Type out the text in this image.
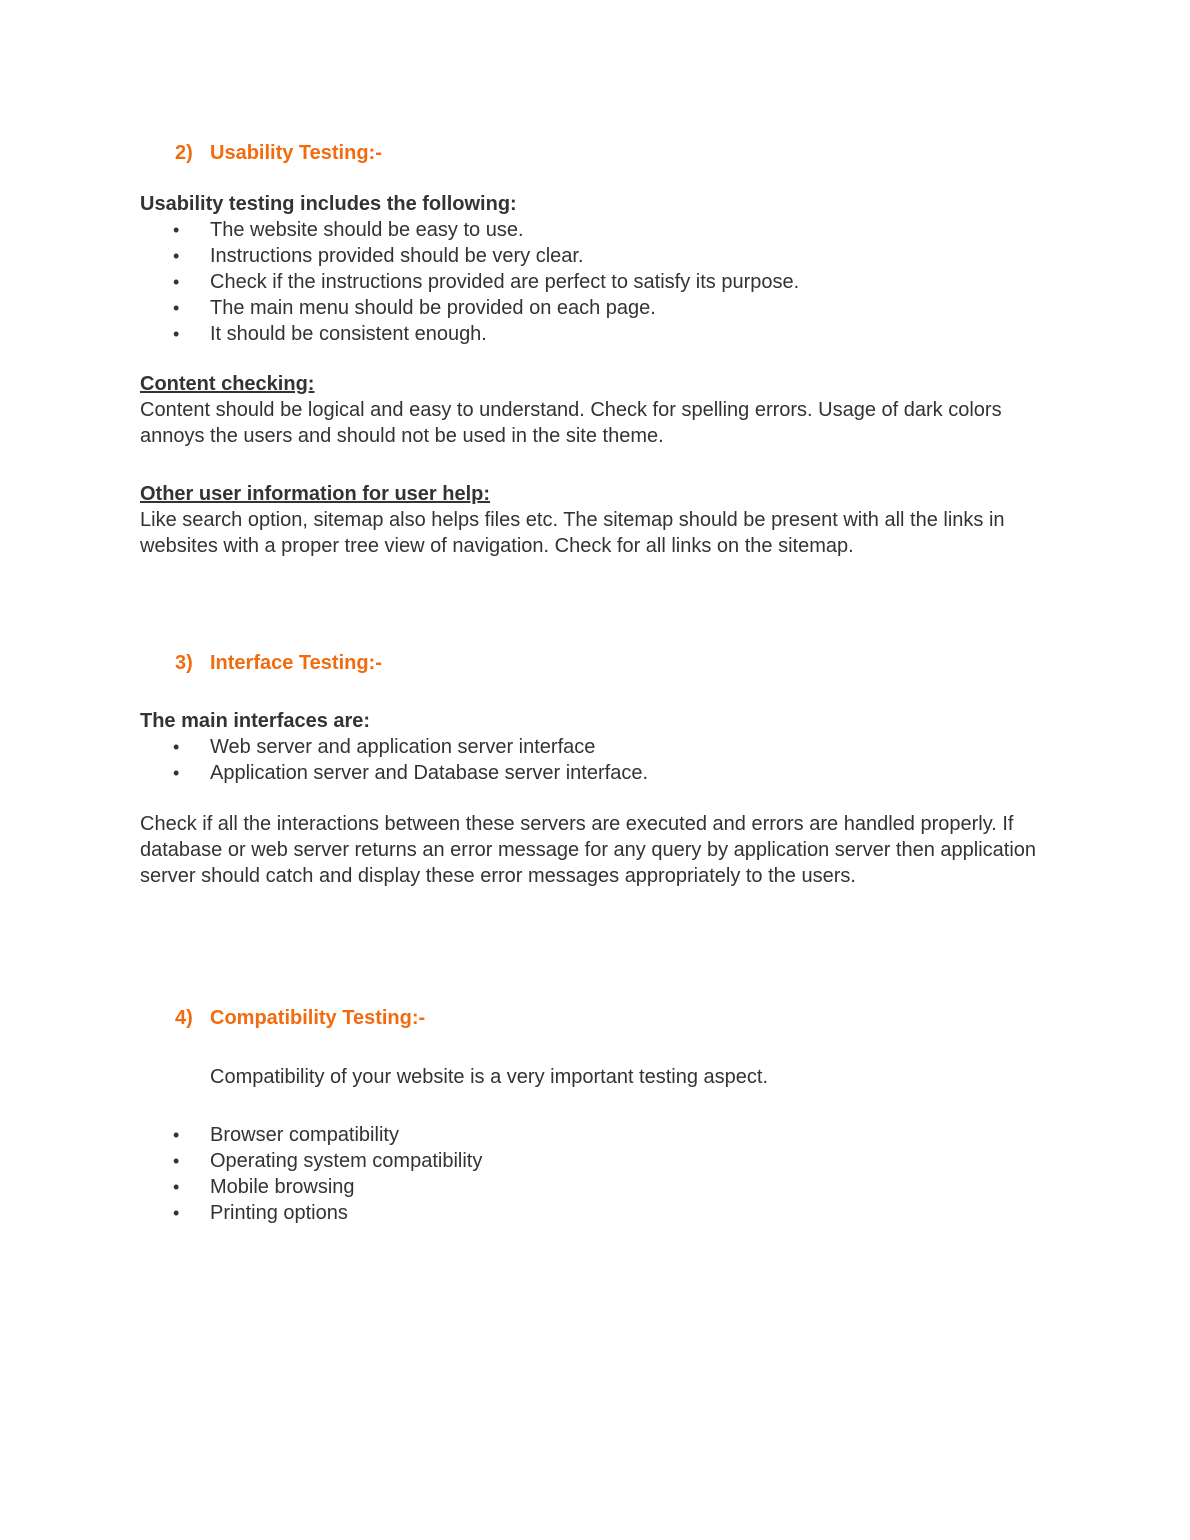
2) Usability Testing:-

Usability testing includes the following:

• The website should be easy to use.
• Instructions provided should be very clear.
• Check if the instructions provided are perfect to satisfy its purpose.
• The main menu should be provided on each page.
• It should be consistent enough.

Content checking:

Content should be logical and easy to understand. Check for spelling errors. Usage of dark colors annoys the users and should not be used in the site theme.

Other user information for user help:

Like search option, sitemap also helps files etc. The sitemap should be present with all the links in websites with a proper tree view of navigation. Check for all links on the sitemap.

3) Interface Testing:-

The main interfaces are:

• Web server and application server interface
• Application server and Database server interface.

Check if all the interactions between these servers are executed and errors are handled properly. If database or web server returns an error message for any query by application server then application server should catch and display these error messages appropriately to the users.

4) Compatibility Testing:-

Compatibility of your website is a very important testing aspect.

• Browser compatibility
• Operating system compatibility
• Mobile browsing
• Printing options
